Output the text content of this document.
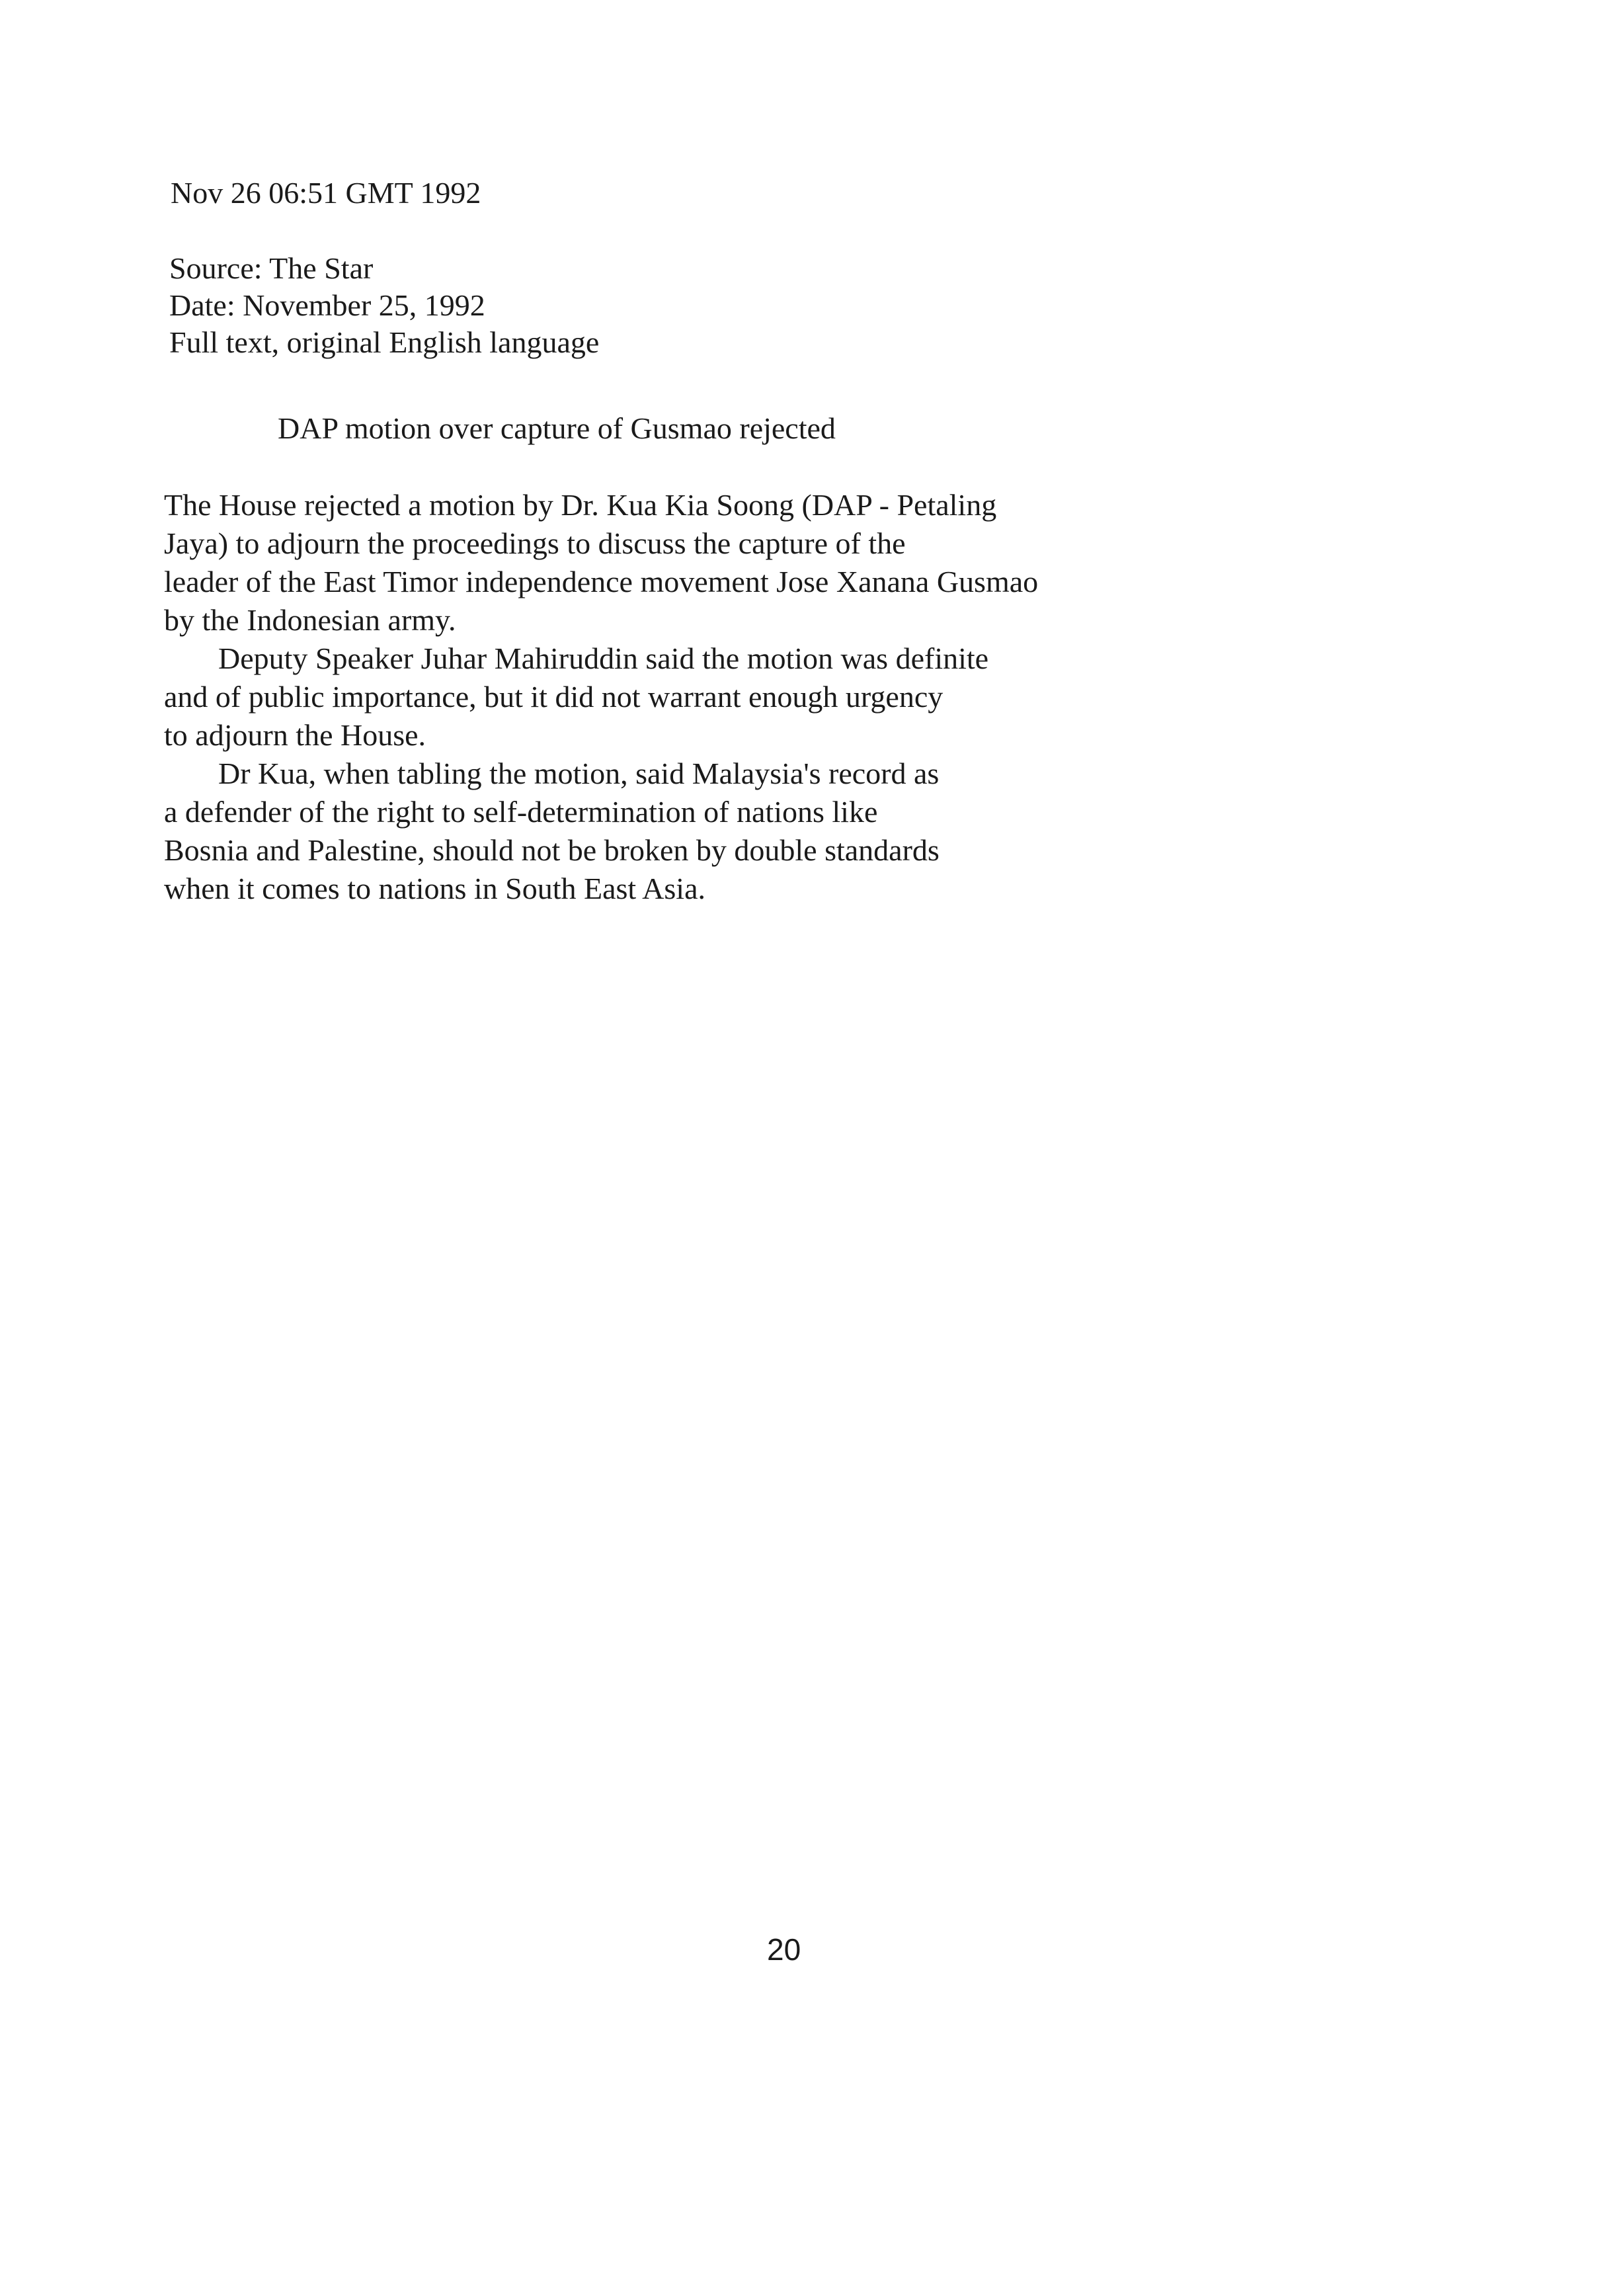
Nov 26 06:51 GMT 1992

Source: The Star
Date: November 25, 1992
Full text, original English language

DAP motion over capture of Gusmao rejected

The House rejected a motion by Dr. Kua Kia Soong (DAP - Petaling
Jaya) to adjourn the proceedings to discuss the capture of the
leader of the East Timor independence movement Jose Xanana Gusmao
by the Indonesian army.
Deputy Speaker Juhar Mahiruddin said the motion was definite
and of public importance, but it did not warrant enough urgency
to adjourn the House.
Dr Kua, when tabling the motion, said Malaysia's record as
a defender of the right to self-determination of nations like
Bosnia and Palestine, should not be broken by double standards
when it comes to nations in South East Asia.
20
